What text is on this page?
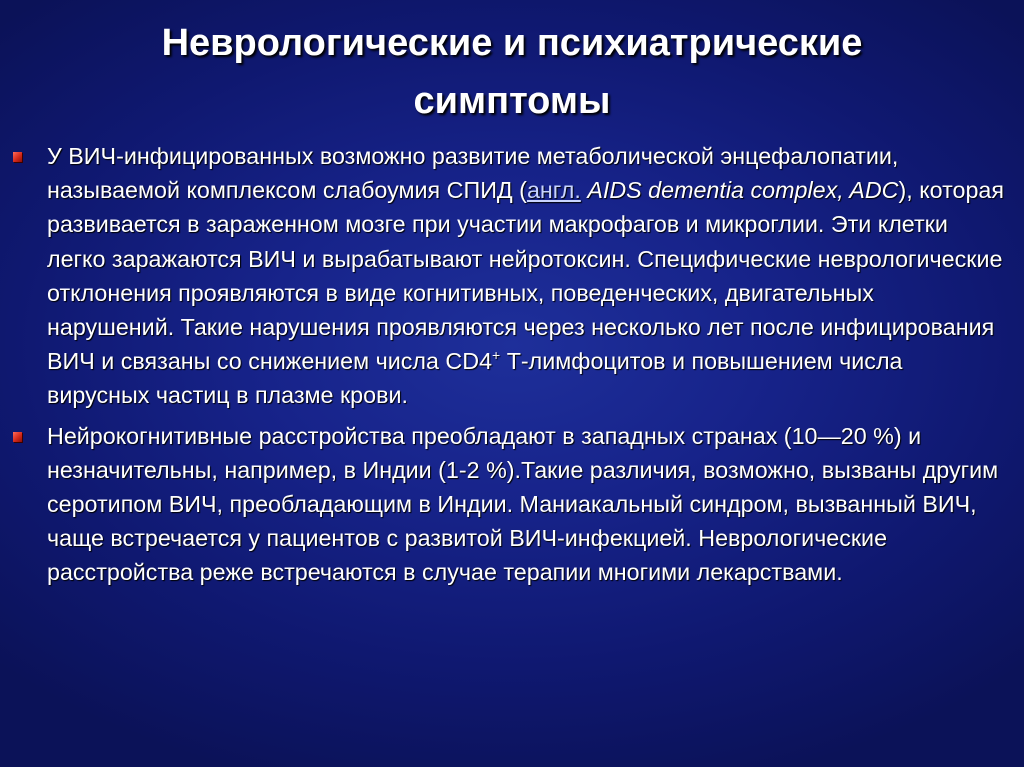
Неврологические и психиатрические
симптомы
У ВИЧ-инфицированных возможно развитие метаболической энцефалопатии, называемой комплексом слабоумия СПИД (англ. AIDS dementia complex, ADC), которая развивается в зараженном мозге при участии макрофагов и микроглии. Эти клетки легко заражаются ВИЧ и вырабатывают нейротоксин. Специфические неврологические отклонения проявляются в виде когнитивных, поведенческих, двигательных нарушений. Такие нарушения проявляются через несколько лет после инфицирования ВИЧ и связаны со снижением числа CD4+ Т-лимфоцитов и повышением числа вирусных частиц в плазме крови.
Нейрокогнитивные расстройства преобладают в западных странах (10—20 %) и незначительны, например, в Индии (1-2 %).Такие различия, возможно, вызваны другим серотипом ВИЧ, преобладающим в Индии. Маниакальный синдром, вызванный ВИЧ, чаще встречается у пациентов с развитой ВИЧ-инфекцией. Неврологические расстройства реже встречаются в случае терапии многими лекарствами.
